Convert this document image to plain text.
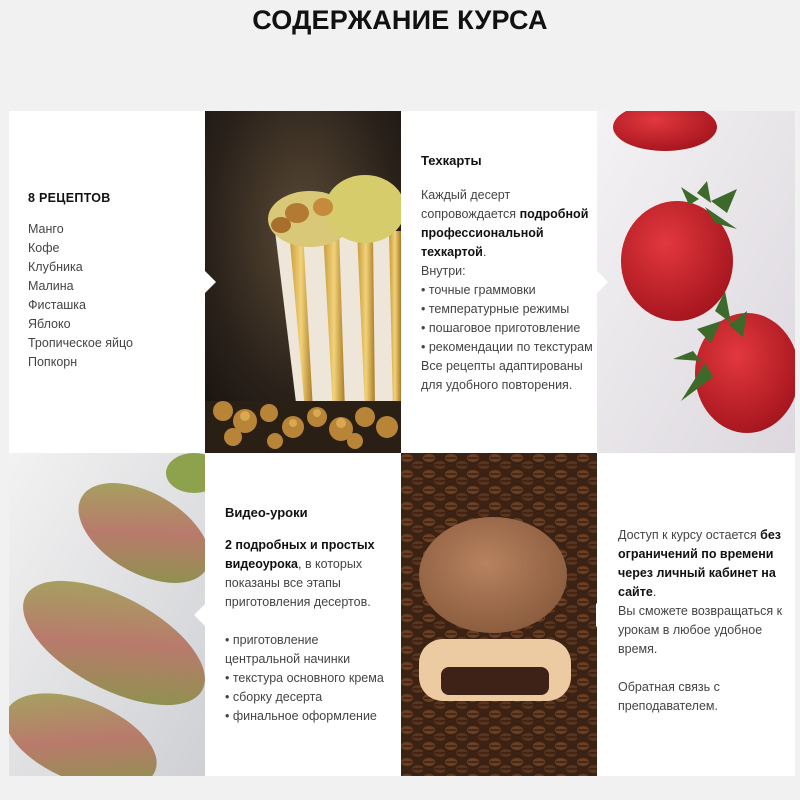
СОДЕРЖАНИЕ КУРСА
8 РЕЦЕПТОВ
Манго
Кофе
Клубника
Малина
Фисташка
Яблоко
Тропическое яйцо
Попкорн
Техкарты
Каждый десерт сопровождается подробной профессиональной техкартой.
Внутри:
• точные граммовки
• температурные режимы
• пошаговое приготовление
• рекомендации по текстурам
Все рецепты адаптированы для удобного повторения.
Видео-уроки
2 подробных и простых видеоурока, в которых показаны все этапы приготовления десертов.
• приготовление центральной начинки
• текстура основного крема
• сборку десерта
• финальное оформление
Доступ к курсу остается без ограничений по времени через личный кабинет на сайте.
Вы сможете возвращаться к урокам в любое удобное время.
Обратная связь с преподавателем.
